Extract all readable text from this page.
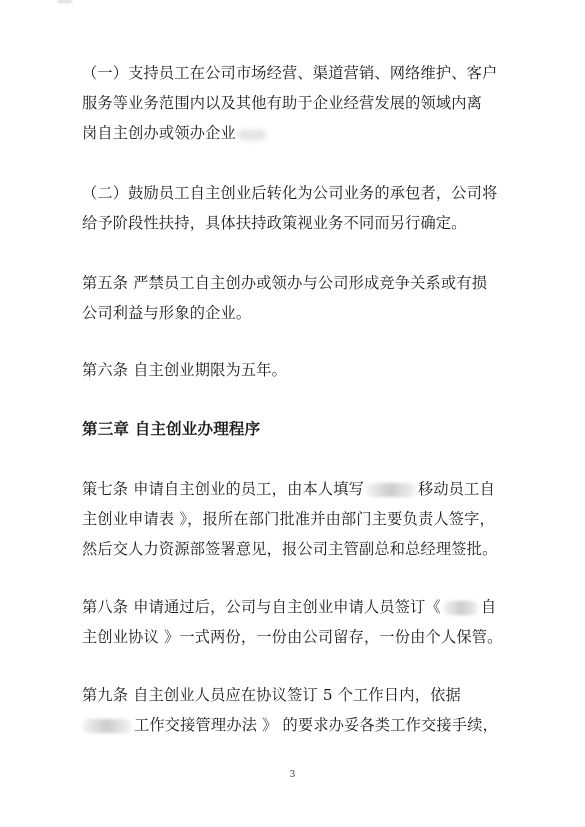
（一）支持员工在公司市场经营、渠道营销、网络维护、客户
服务等业务范围内以及其他有助于企业经营发展的领域内离
岗自主创办或领办企业
（二）鼓励员工自主创业后转化为公司业务的承包者，公司将
给予阶段性扶持，具体扶持政策视业务不同而另行确定。
第五条 严禁员工自主创办或领办与公司形成竞争关系或有损
公司利益与形象的企业。
第六条 自主创业期限为五年。
第三章 自主创业办理程序
策七条 申请自主创业的员工，由本人填写	移动员工自
主创业申请表 》，报所在部门批准并由部门主要负责人签字，
然后交人力资源部签署意见，报公司主管副总和总经理签批。
第八条 申请通过后，公司与自主创业申请人员签订《	自
主创业协议 》一式两份，一份由公司留存，一份由个人保管。
第九条 自主创业人员应在协议签订 5 个工作日内，依据
工作交接管理办法 》 的要求办妥各类工作交接手续，
3
